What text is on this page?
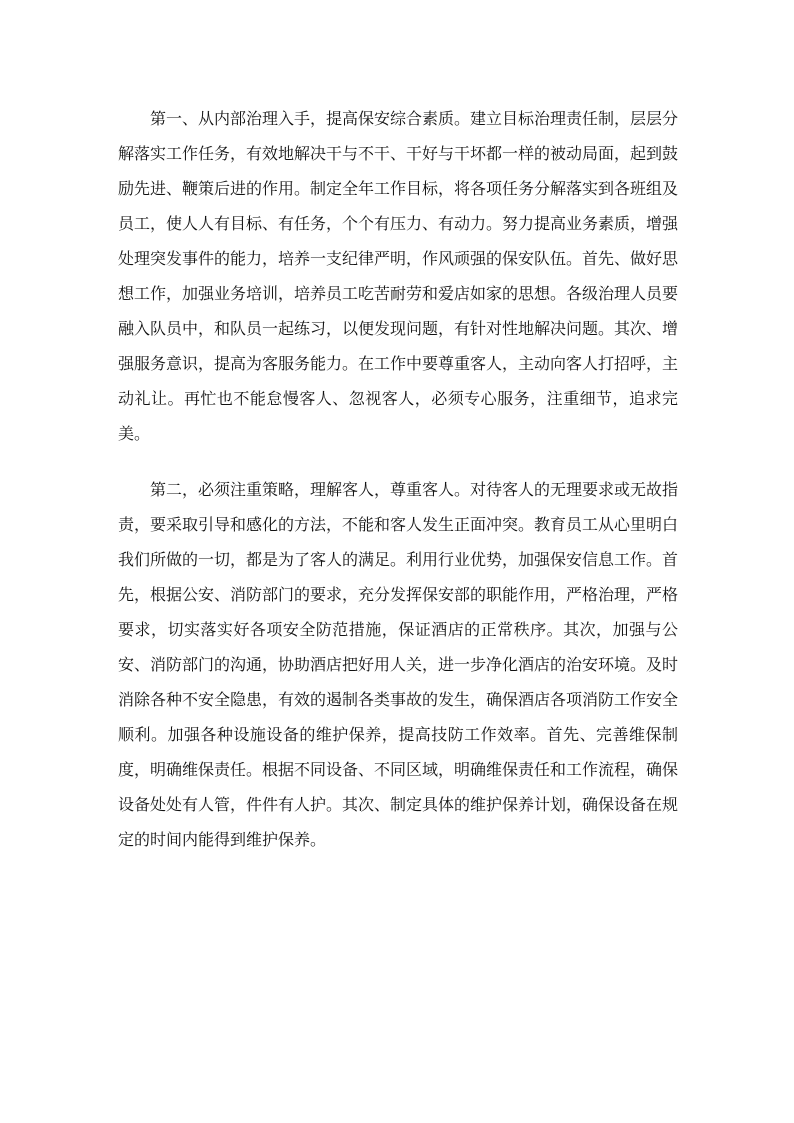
第一、从内部治理入手，提高保安综合素质。建立目标治理责任制，层层分解落实工作任务，有效地解决干与不干、干好与干坏都一样的被动局面，起到鼓励先进、鞭策后进的作用。制定全年工作目标，将各项任务分解落实到各班组及员工，使人人有目标、有任务，个个有压力、有动力。努力提高业务素质，增强处理突发事件的能力，培养一支纪律严明，作风顽强的保安队伍。首先、做好思想工作，加强业务培训，培养员工吃苦耐劳和爱店如家的思想。各级治理人员要融入队员中，和队员一起练习，以便发现问题，有针对性地解决问题。其次、增强服务意识，提高为客服务能力。在工作中要尊重客人，主动向客人打招呼，主动礼让。再忙也不能怠慢客人、忽视客人，必须专心服务，注重细节，追求完美。

第二，必须注重策略，理解客人，尊重客人。对待客人的无理要求或无故指责，要采取引导和感化的方法，不能和客人发生正面冲突。教育员工从心里明白我们所做的一切，都是为了客人的满足。利用行业优势，加强保安信息工作。首先，根据公安、消防部门的要求，充分发挥保安部的职能作用，严格治理，严格要求，切实落实好各项安全防范措施，保证酒店的正常秩序。其次，加强与公安、消防部门的沟通，协助酒店把好用人关，进一步净化酒店的治安环境。及时消除各种不安全隐患，有效的遏制各类事故的发生，确保酒店各项消防工作安全顺利。加强各种设施设备的维护保养，提高技防工作效率。首先、完善维保制度，明确维保责任。根据不同设备、不同区域，明确维保责任和工作流程，确保设备处处有人管，件件有人护。其次、制定具体的维护保养计划，确保设备在规定的时间内能得到维护保养。
